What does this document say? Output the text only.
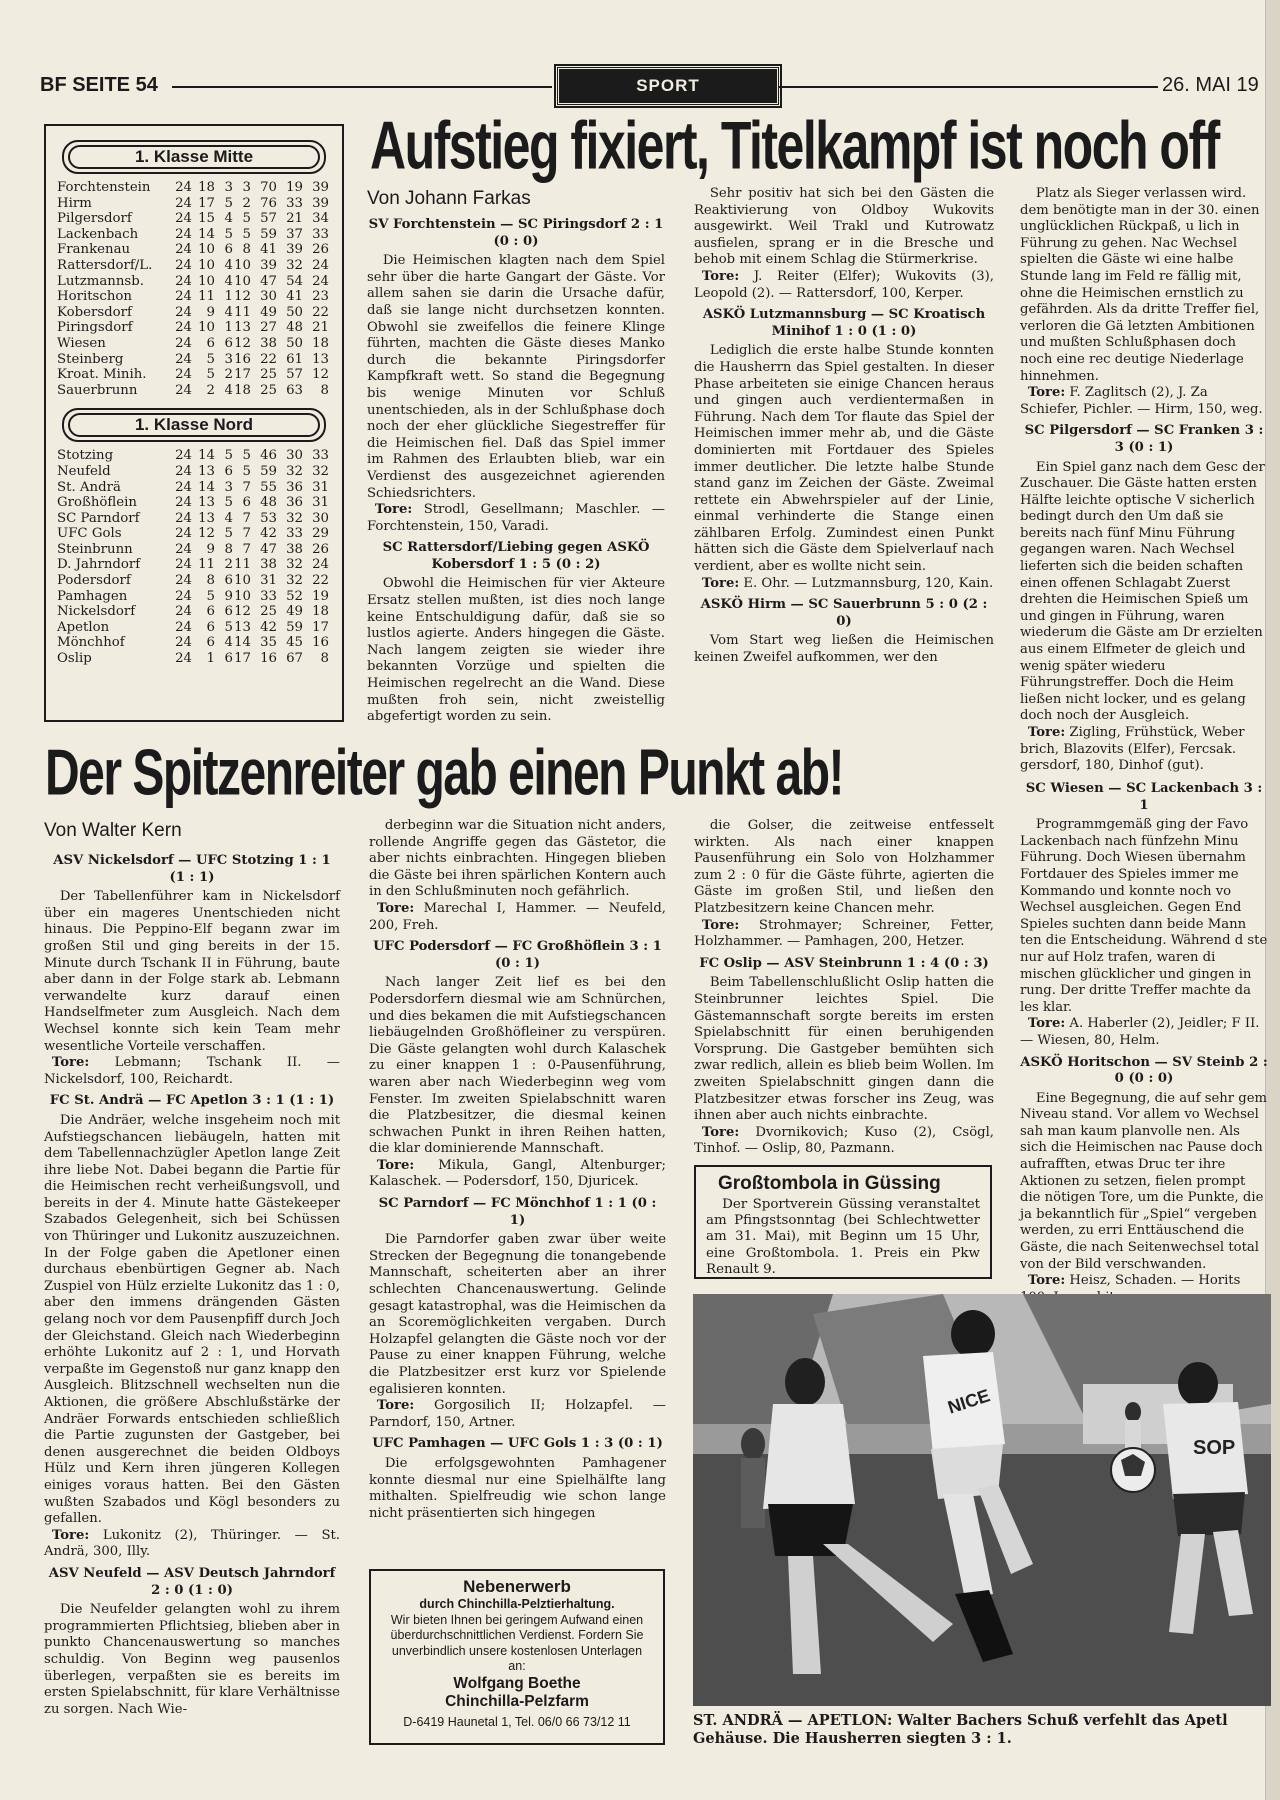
BF SEITE 54	SPORT	26. MAI 19
1. Klasse Mitte
Forchtenstein	24	18	3	3	70	19	39
Hirm	24	17	5	2	76	33	39
Pilgersdorf	24	15	4	5	57	21	34
Lackenbach	24	14	5	5	59	37	33
Frankenau	24	10	6	8	41	39	26
Rattersdorf/L.	24	10	4	10	39	32	24
Lutzmannsb.	24	10	4	10	47	54	24
Horitschon	24	11	1	12	30	41	23
Kobersdorf	24	9	4	11	49	50	22
Piringsdorf	24	10	1	13	27	48	21
Wiesen	24	6	6	12	38	50	18
Steinberg	24	5	3	16	22	61	13
Kroat. Minih.	24	5	2	17	25	57	12
Sauerbrunn	24	2	4	18	25	63	8
1. Klasse Nord
Stotzing	24	14	5	5	46	30	33
Neufeld	24	13	6	5	59	32	32
St. Andrä	24	14	3	7	55	36	31
Großhöflein	24	13	5	6	48	36	31
SC Parndorf	24	13	4	7	53	32	30
UFC Gols	24	12	5	7	42	33	29
Steinbrunn	24	9	8	7	47	38	26
D. Jahrndorf	24	11	2	11	38	32	24
Podersdorf	24	8	6	10	31	32	22
Pamhagen	24	5	9	10	33	52	19
Nickelsdorf	24	6	6	12	25	49	18
Apetlon	24	6	5	13	42	59	17
Mönchhof	24	6	4	14	35	45	16
Oslip	24	1	6	17	16	67	8
Aufstieg fixiert, Titelkampf ist noch off
Von Johann Farkas

SV Forchtenstein — SC Piringsdorf 2 : 1 (0 : 0)

Die Heimischen klagten nach dem Spiel sehr über die harte Gangart der Gäste. Vor allem sahen sie darin die Ursache dafür, daß sie lange nicht durchsetzen konnten. Obwohl sie zweifellos die feinere Klinge führten, machten die Gäste dieses Manko durch die bekannte Piringsdorfer Kampfkraft wett. So stand die Begegnung bis wenige Minuten vor Schluß unentschieden, als in der Schlußphase doch noch der eher glückliche Siegestreffer für die Heimischen fiel. Daß das Spiel immer im Rahmen des Erlaubten blieb, war ein Verdienst des ausgezeichnet agierenden Schiedsrichters.

Tore: Strodl, Gesellmann; Maschler. — Forchtenstein, 150, Varadi.

SC Rattersdorf/Liebing gegen ASKÖ Kobersdorf 1 : 5 (0 : 2)

Obwohl die Heimischen für vier Akteure Ersatz stellen mußten, ist dies noch lange keine Entschuldigung dafür, daß sie so lustlos agierte. Anders hingegen die Gäste. Nach langem zeigten sie wieder ihre bekannten Vorzüge und spielten die Heimischen regelrecht an die Wand. Diese mußten froh sein, nicht zweistellig abgefertigt worden zu sein.

Sehr positiv hat sich bei den Gästen die Reaktivierung von Oldboy Wukovits ausgewirkt. Weil Trakl und Kutrowatz ausfielen, sprang er in die Bresche und behob mit einem Schlag die Stürmerkrise.

Tore: J. Reiter (Elfer); Wukovits (3), Leopold (2). — Rattersdorf, 100, Kerper.

ASKÖ Lutzmannsburg — SC Kroatisch Minihof 1 : 0 (1 : 0)

Lediglich die erste halbe Stunde konnten die Hausherrn das Spiel gestalten. In dieser Phase arbeiteten sie einige Chancen heraus und gingen auch verdientermaßen in Führung. Nach dem Tor flaute das Spiel der Heimischen immer mehr ab, und die Gäste dominierten mit Fortdauer des Spieles immer deutlicher. Die letzte halbe Stunde stand ganz im Zeichen der Gäste. Zweimal rettete ein Abwehrspieler auf der Linie, einmal verhinderte die Stange einen zählbaren Erfolg. Zumindest einen Punkt hätten sich die Gäste dem Spielverlauf nach verdient, aber es wollte nicht sein.

Tore: E. Ohr. — Lutzmannsburg, 120, Kain.

ASKÖ Hirm — SC Sauerbrunn 5 : 0 (2 : 0)

Vom Start weg ließen die Heimischen keinen Zweifel aufkommen, wer den

Platz als Sieger verlassen wird. dem benötigte man in der 30. einen unglücklichen Rückpaß, u lich in Führung zu gehen. Nac Wechsel spielten die Gäste wi eine halbe Stunde lang im Feld re fällig mit, ohne die Heimischen ernstlich zu gefährden. Als da dritte Treffer fiel, verloren die Gä letzten Ambitionen und mußten Schlußphasen doch noch eine rec deutige Niederlage hinnehmen.

Tore: F. Zaglitsch (2), J. Za Schiefer, Pichler. — Hirm, 150, weg.

SC Pilgersdorf — SC Franken 3 : 3 (0 : 1)

Ein Spiel ganz nach dem Gesc der Zuschauer. Die Gäste hatten ersten Hälfte leichte optische V sicherlich bedingt durch den Um daß sie bereits nach fünf Minu Führung gegangen waren. Nach Wechsel lieferten sich die beiden schaften einen offenen Schlagabt Zuerst drehten die Heimischen Spieß um und gingen in Führung, waren wiederum die Gäste am Dr erzielten aus einem Elfmeter de gleich und wenig später wiederu Führungstreffer. Doch die Heim ließen nicht locker, und es gelang doch noch der Ausgleich.

Tore: Zigling, Frühstück, Weber brich, Blazovits (Elfer), Fercsak. gersdorf, 180, Dinhof (gut).

Der Spitzenreiter gab einen Punkt ab!
Von Walter Kern

ASV Nickelsdorf — UFC Stotzing 1 : 1 (1 : 1)

Der Tabellenführer kam in Nickelsdorf über ein mageres Unentschieden nicht hinaus. Die Peppino-Elf begann zwar im großen Stil und ging bereits in der 15. Minute durch Tschank II in Führung, baute aber dann in der Folge stark ab. Lebmann verwandelte kurz darauf einen Handselfmeter zum Ausgleich. Nach dem Wechsel konnte sich kein Team mehr wesentliche Vorteile verschaffen.

Tore: Lebmann; Tschank II. — Nickelsdorf, 100, Reichardt.

FC St. Andrä — FC Apetlon 3 : 1 (1 : 1)

Die Andräer, welche insgeheim noch mit Aufstiegschancen liebäugeln, hatten mit dem Tabellennachzügler Apetlon lange Zeit ihre liebe Not. Dabei begann die Partie für die Heimischen recht verheißungsvoll, und bereits in der 4. Minute hatte Gästekeeper Szabados Gelegenheit, sich bei Schüssen von Thüringer und Lukonitz auszuzeichnen. In der Folge gaben die Apetloner einen durchaus ebenbürtigen Gegner ab. Nach Zuspiel von Hülz erzielte Lukonitz das 1 : 0, aber den immens drängenden Gästen gelang noch vor dem Pausenpfiff durch Joch der Gleichstand. Gleich nach Wiederbeginn erhöhte Lukonitz auf 2 : 1, und Horvath verpaßte im Gegenstoß nur ganz knapp den Ausgleich. Blitzschnell wechselten nun die Aktionen, die größere Abschlußstärke der Andräer Forwards entschieden schließlich die Partie zugunsten der Gastgeber, bei denen ausgerechnet die beiden Oldboys Hülz und Kern ihren jüngeren Kollegen einiges voraus hatten. Bei den Gästen wußten Szabados und Kögl besonders zu gefallen.

Tore: Lukonitz (2), Thüringer. — St. Andrä, 300, Illy.

ASV Neufeld — ASV Deutsch Jahrndorf 2 : 0 (1 : 0)

Die Neufelder gelangten wohl zu ihrem programmierten Pflichtsieg, blieben aber in punkto Chancenauswertung so manches schuldig. Von Beginn weg pausenlos überlegen, verpaßten sie es bereits im ersten Spielabschnitt, für klare Verhältnisse zu sorgen. Nach Wie-

derbeginn war die Situation nicht anders, rollende Angriffe gegen das Gästetor, die aber nichts einbrachten. Hingegen blieben die Gäste bei ihren spärlichen Kontern auch in den Schlußminuten noch gefährlich.

Tore: Marechal I, Hammer. — Neufeld, 200, Freh.

UFC Podersdorf — FC Großhöflein 3 : 1 (0 : 1)

Nach langer Zeit lief es bei den Podersdorfern diesmal wie am Schnürchen, und dies bekamen die mit Aufstiegschancen liebäugelnden Großhöfleiner zu verspüren. Die Gäste gelangten wohl durch Kalaschek zu einer knappen 1 : 0-Pausenführung, waren aber nach Wiederbeginn weg vom Fenster. Im zweiten Spielabschnitt waren die Platzbesitzer, die diesmal keinen schwachen Punkt in ihren Reihen hatten, die klar dominierende Mannschaft.

Tore: Mikula, Gangl, Altenburger; Kalaschek. — Podersdorf, 150, Djuricek.

SC Parndorf — FC Mönchhof 1 : 1 (0 : 1)

Die Parndorfer gaben zwar über weite Strecken der Begegnung die tonangebende Mannschaft, scheiterten aber an ihrer schlechten Chancenauswertung. Gelinde gesagt katastrophal, was die Heimischen da an Scoremöglichkeiten vergaben. Durch Holzapfel gelangten die Gäste noch vor der Pause zu einer knappen Führung, welche die Platzbesitzer erst kurz vor Spielende egalisieren konnten.

Tore: Gorgosilich II; Holzapfel. — Parndorf, 150, Artner.

UFC Pamhagen — UFC Gols 1 : 3 (0 : 1)

Die erfolgsgewohnten Pamhagener konnte diesmal nur eine Spielhälfte lang mithalten. Spielfreudig wie schon lange nicht präsentierten sich hingegen

die Golser, die zeitweise entfesselt wirkten. Als nach einer knappen Pausenführung ein Solo von Holzhammer zum 2 : 0 für die Gäste führte, agierten die Gäste im großen Stil, und ließen den Platzbesitzern keine Chancen mehr.

Tore: Strohmayer; Schreiner, Fetter, Holzhammer. — Pamhagen, 200, Hetzer.

FC Oslip — ASV Steinbrunn 1 : 4 (0 : 3)

Beim Tabellenschlußlicht Oslip hatten die Steinbrunner leichtes Spiel. Die Gästemannschaft sorgte bereits im ersten Spielabschnitt für einen beruhigenden Vorsprung. Die Gastgeber bemühten sich zwar redlich, allein es blieb beim Wollen. Im zweiten Spielabschnitt gingen dann die Platzbesitzer etwas forscher ins Zeug, was ihnen aber auch nichts einbrachte.

Tore: Dvornikovich; Kuso (2), Csögl, Tinhof. — Oslip, 80, Pazmann.

SC Wiesen — SC Lackenbach 3 : 1

Programmgemäß ging der Favo Lackenbach nach fünfzehn Minu Führung. Doch Wiesen übernahm Fortdauer des Spieles immer me Kommando und konnte noch vo Wechsel ausgleichen. Gegen End Spieles suchten dann beide Mann ten die Entscheidung. Während d ste nur auf Holz trafen, waren di mischen glücklicher und gingen in rung. Der dritte Treffer machte da les klar.

Tore: A. Haberler (2), Jeidler; F II. — Wiesen, 80, Helm.

ASKÖ Horitschon — SV Steinb 2 : 0 (0 : 0)

Eine Begegnung, die auf sehr gem Niveau stand. Vor allem vo Wechsel sah man kaum planvolle nen. Als sich die Heimischen nac Pause doch aufrafften, etwas Druc ter ihre Aktionen zu setzen, fielen prompt die nötigen Tore, um die Punkte, die ja bekanntlich für „Spiel“ vergeben werden, zu erri Enttäuschend die Gäste, die nach Seitenwechsel total von der Bild verschwanden.

Tore: Heisz, Schaden. — Horits

Großtombola in Güssing
Der Sportverein Güssing veranstaltet am Pfingstsonntag (bei Schlechtwetter am 31. Mai), mit Beginn um 15 Uhr, eine Großtombola. 1. Preis ein Pkw Renault 9.
Nebenerwerb
durch Chinchilla-Pelztierhaltung.
Wir bieten Ihnen bei geringem Aufwand einen überdurchschnittlichen Verdienst. Fordern Sie unverbindlich unsere kostenlosen Unterlagen an:
Wolfgang Boethe
Chinchilla-Pelzfarm
D-6419 Haunetal 1, Tel. 06/0 66 73/12 11
NICE
SOP
ST. ANDRÄ — APETLON: Walter Bachers Schuß verfehlt das Apetl
Gehäuse. Die Hausherren siegten 3 : 1.
